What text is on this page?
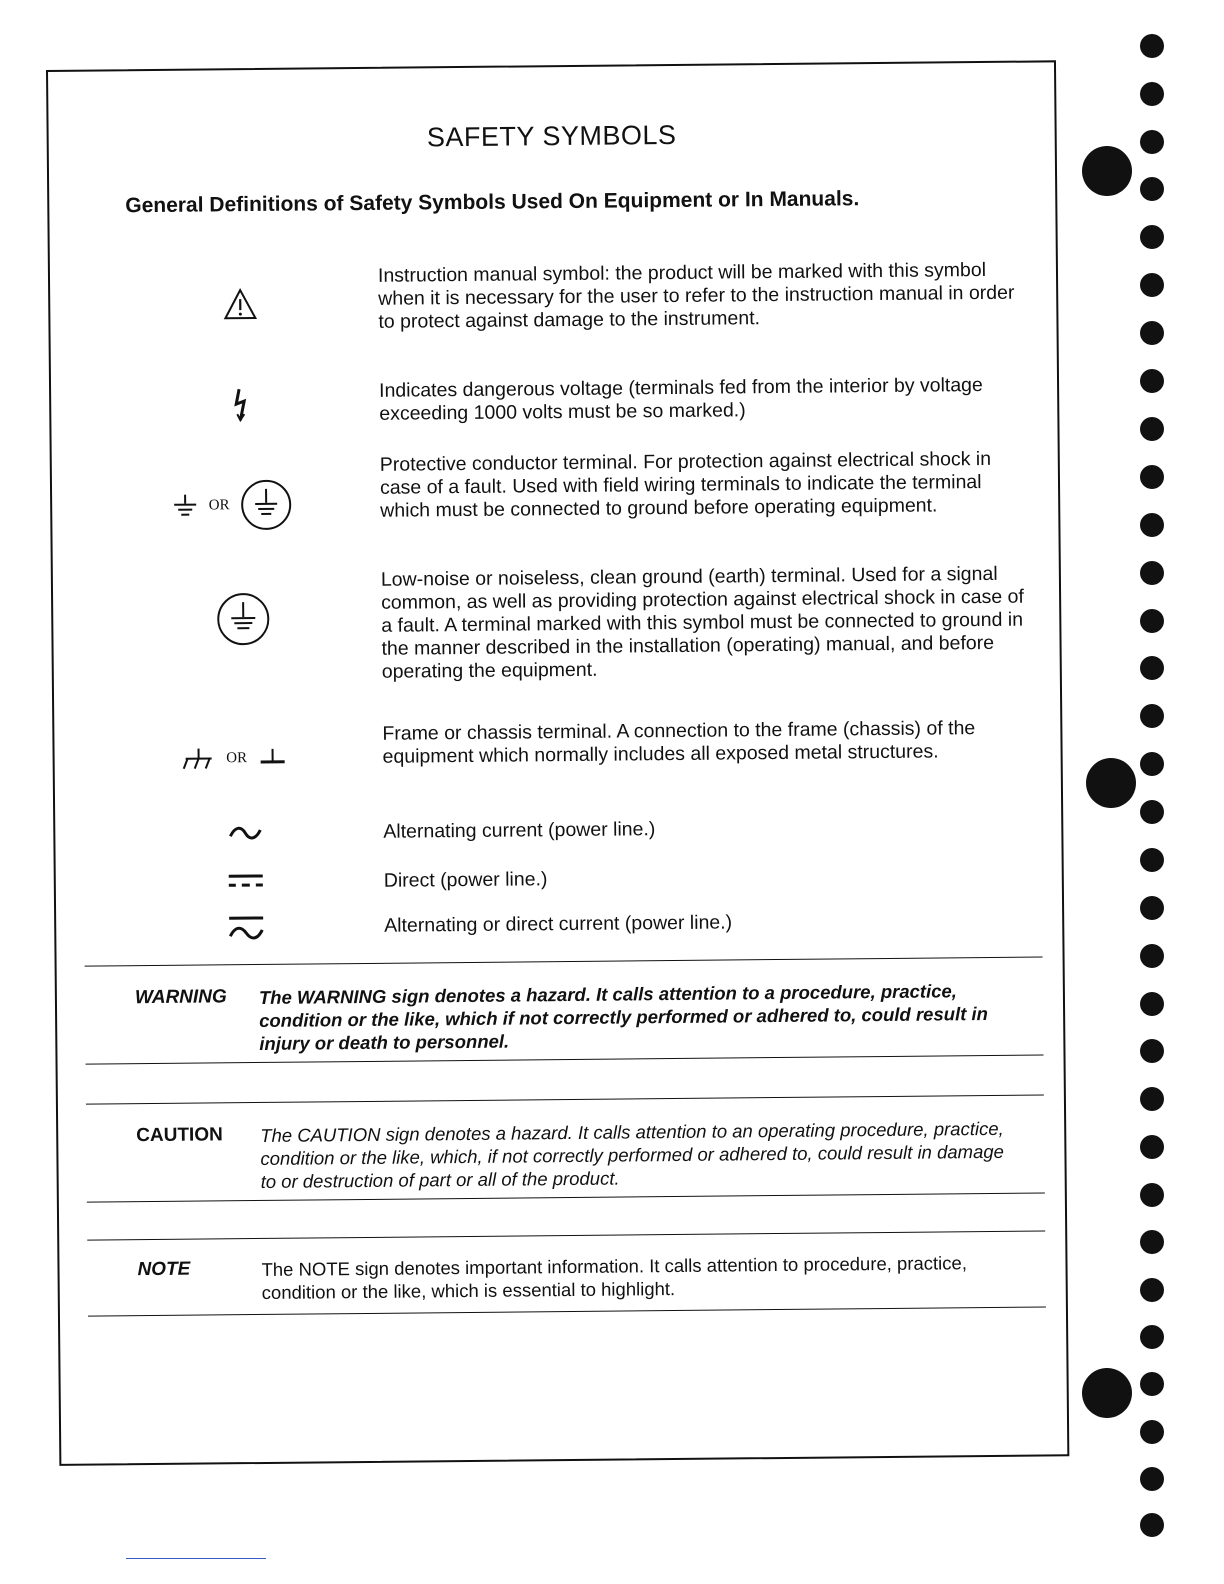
SAFETY SYMBOLS
General Definitions of Safety Symbols Used On Equipment or In Manuals.
Instruction manual symbol: the product will be marked with this symbol when it is necessary for the user to refer to the instruction manual in order to protect against damage to the instrument.
Indicates dangerous voltage (terminals fed from the interior by voltage exceeding 1000 volts must be so marked.)
OR
Protective conductor terminal. For protection against electrical shock in case of a fault. Used with field wiring terminals to indicate the terminal which must be connected to ground before operating equipment.
Low-noise or noiseless, clean ground (earth) terminal. Used for a signal common, as well as providing protection against electrical shock in case of a fault. A terminal marked with this symbol must be connected to ground in the manner described in the installation (operating) manual, and before operating the equipment.
OR
Frame or chassis terminal. A connection to the frame (chassis) of the equipment which normally includes all exposed metal structures.
Alternating current (power line.)
Direct (power line.)
Alternating or direct current (power line.)
WARNING The WARNING sign denotes a hazard. It calls attention to a procedure, practice, condition or the like, which if not correctly performed or adhered to, could result in injury or death to personnel.
CAUTION The CAUTION sign denotes a hazard. It calls attention to an operating procedure, practice, condition or the like, which, if not correctly performed or adhered to, could result in damage to or destruction of part or all of the product.
NOTE	The NOTE sign denotes important information. It calls attention to procedure, practice, condition or the like, which is essential to highlight.
